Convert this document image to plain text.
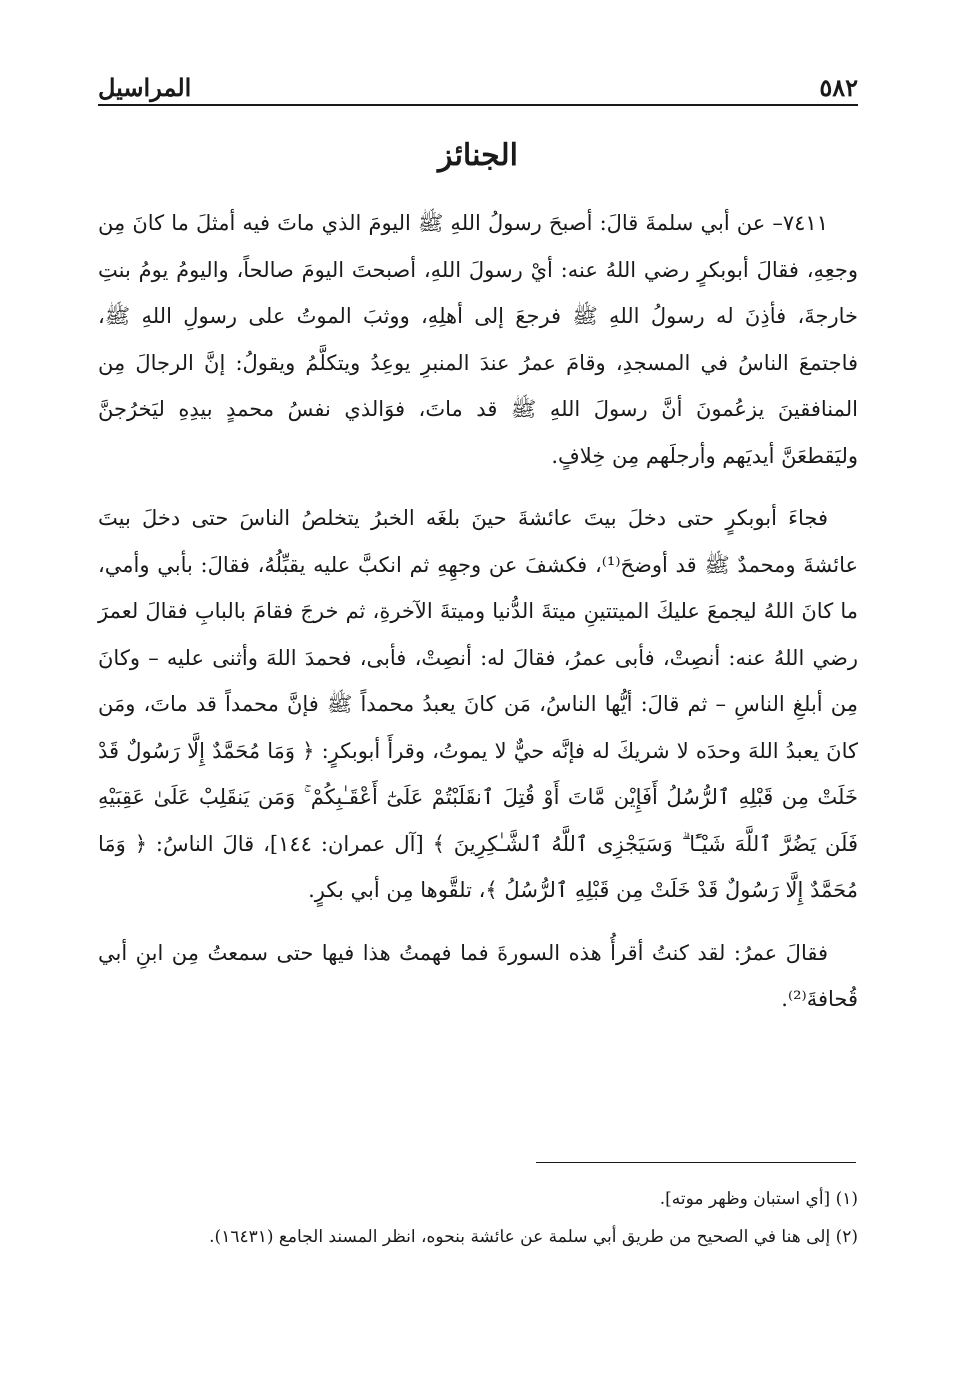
٥٨٢
المراسيل
الجنائز

٧٤١١– عن أبي سلمةَ قالَ: أصبحَ رسولُ اللهِ ﷺ اليومَ الذي ماتَ فيه أمثلَ ما كانَ مِن وجعِهِ، فقالَ أبوبكرٍ رضي اللهُ عنه: أيْ رسولَ اللهِ، أصبحتَ اليومَ صالحاً، واليومُ يومُ بنتِ خارجةَ، فأذِنَ له رسولُ اللهِ ﷺ فرجعَ إلى أهلِهِ، ووثبَ الموتُ على رسولِ اللهِ ﷺ، فاجتمعَ الناسُ في المسجدِ، وقامَ عمرُ عندَ المنبرِ يوعِدُ ويتكلَّمُ ويقولُ: إنَّ الرجالَ مِن المنافقينَ يزعُمونَ أنَّ رسولَ اللهِ ﷺ قد ماتَ، فوَالذي نفسُ محمدٍ بيدِهِ ليَخرُجنَّ وليَقطعَنَّ أيديَهم وأرجلَهم مِن خِلافٍ.

فجاءَ أبوبكرٍ حتى دخلَ بيتَ عائشةَ حينَ بلغَه الخبرُ يتخلصُ الناسَ حتى دخلَ بيتَ عائشةَ ومحمدٌ ﷺ قد أوضحَ⁽¹⁾، فكشفَ عن وجهِهِ ثم انكبَّ عليه يقبِّلُهُ، فقالَ: بأبي وأمي، ما كانَ اللهُ ليجمعَ عليكَ الميتتينِ ميتةَ الدُّنيا وميتةَ الآخرةِ، ثم خرجَ فقامَ بالبابِ فقالَ لعمرَ رضي اللهُ عنه: أنصِتْ، فأبى عمرُ، فقالَ له: أنصِتْ، فأبى، فحمدَ اللهَ وأثنى عليه – وكانَ مِن أبلغِ الناسِ – ثم قالَ: أيُّها الناسُ، مَن كانَ يعبدُ محمداً ﷺ فإنَّ محمداً قد ماتَ، ومَن كانَ يعبدُ اللهَ وحدَه لا شريكَ له فإنَّه حيٌّ لا يموتُ، وقرأَ أبوبكرٍ: ﴿ وَمَا مُحَمَّدٌ إِلَّا رَسُولٌ قَدْ خَلَتْ مِن قَبْلِهِ ٱلرُّسُلُ أَفَإِيْن مَّاتَ أَوْ قُتِلَ ٱنقَلَبْتُمْ عَلَىٰٓ أَعْقَـٰبِكُمْ ۚ وَمَن يَنقَلِبْ عَلَىٰ عَقِبَيْهِ فَلَن يَضُرَّ ٱللَّهَ شَيْـًٔا ۗ وَسَيَجْزِى ٱللَّهُ ٱلشَّـٰكِرِينَ ﴾ [آل عمران: ١٤٤]، قالَ الناسُ: ﴿ وَمَا مُحَمَّدٌ إِلَّا رَسُولٌ قَدْ خَلَتْ مِن قَبْلِهِ ٱلرُّسُلُ ﴾، تلقَّوها مِن أبي بكرٍ.

فقالَ عمرُ: لقد كنتُ أقرأُ هذه السورةَ فما فهمتُ هذا فيها حتى سمعتُ مِن ابنِ أبي قُحافةَ⁽²⁾.

(١) [أي استبان وظهر موته].
(٢) إلى هنا في الصحيح من طريق أبي سلمة عن عائشة بنحوه، انظر المسند الجامع (١٦٤٣١).
